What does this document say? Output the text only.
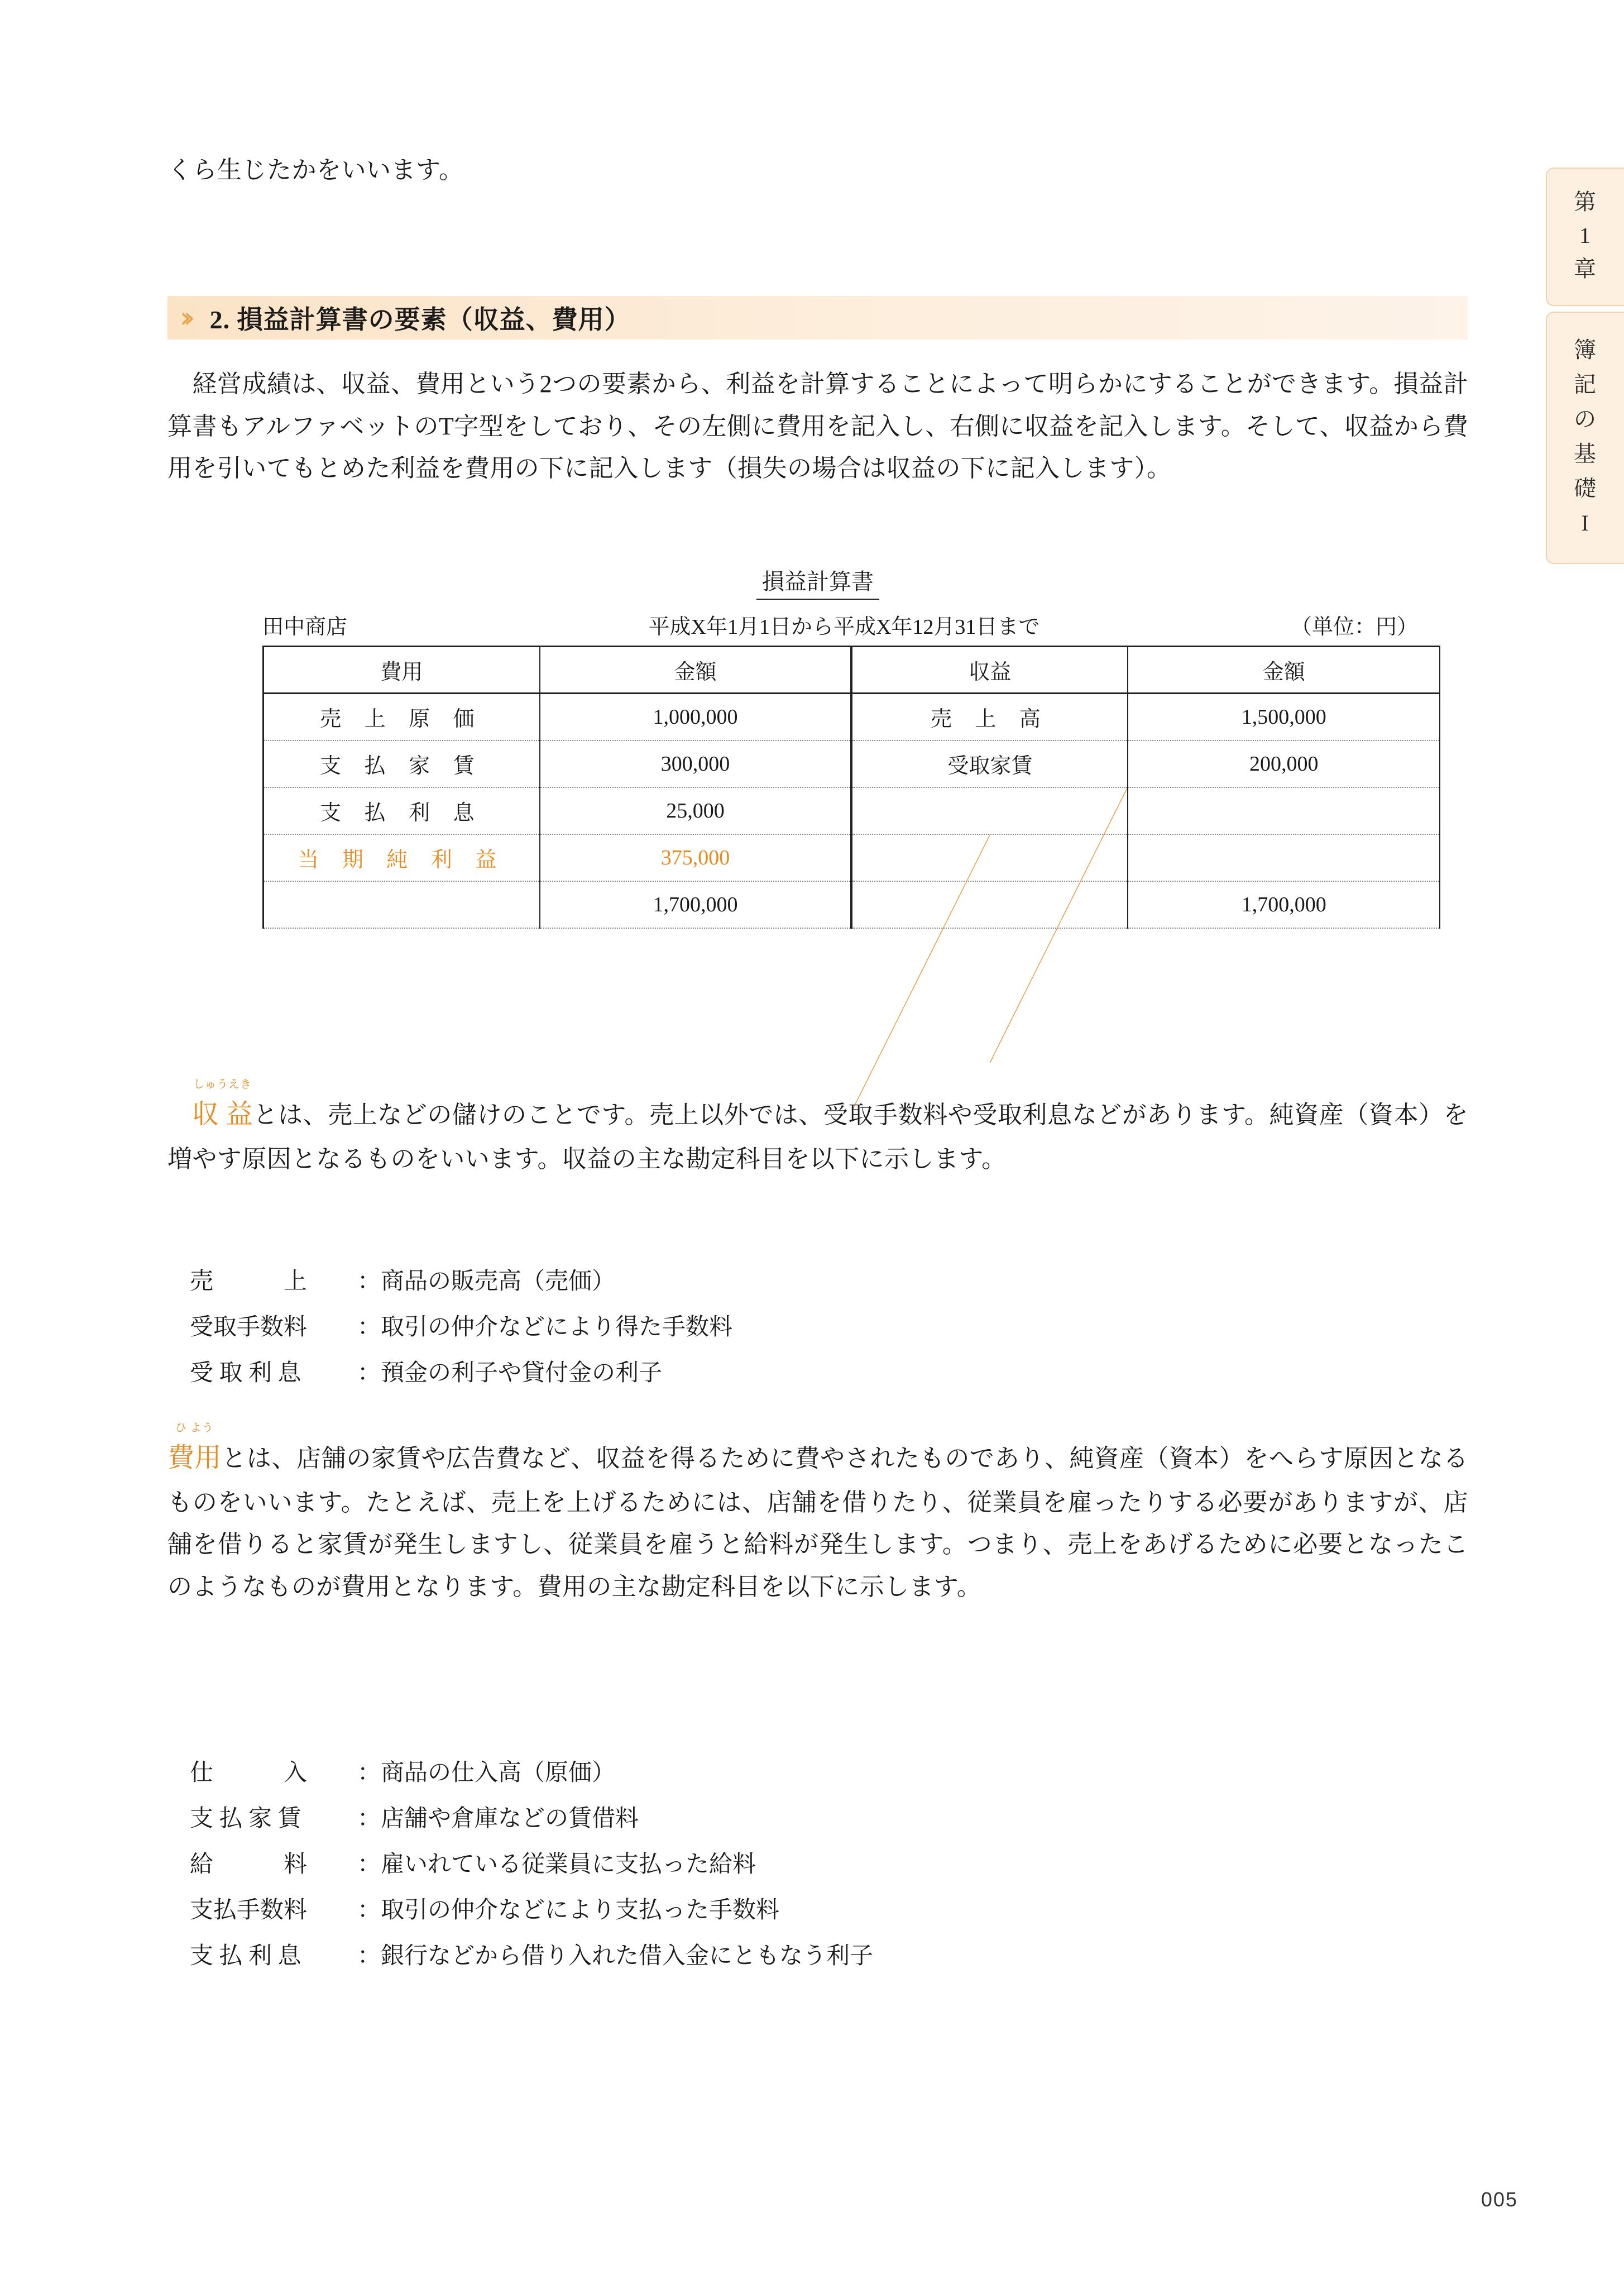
第
1
章
簿
記
の
基
礎
I
くら生じたかをいいます。
›› 2. 損益計算書の要素（収益、費用）
　経営成績は、収益、費用という2つの要素から、利益を計算することによって明らかにすることができます。損益計算書もアルファベットのT字型をしており、その左側に費用を記入し、右側に収益を記入します。そして、収益から費用を引いてもとめた利益を費用の下に記入します（損失の場合は収益の下に記入します）。
損益計算書
田中商店	平成X年1月1日から平成X年12月31日まで	（単位：円）
費用	金額	収益	金額
売 上 原 価	1,000,000	売 上 高	1,500,000
支 払 家 賃	300,000	受取家賃	200,000
支 払 利 息	25,000	

当 期 純 利 益	375,000	

	1,700,000		1,700,000
しゅうえき
収 益とは、売上などの儲けのことです。売上以外では、受取手数料や受取利息などがあります。純資産（資本）を増やす原因となるものをいいます。収益の主な勘定科目を以下に示します。
売　　　上 ：商品の販売高（売価）
受取手数料 ：取引の仲介などにより得た手数料
受 取 利 息 ：預金の利子や貸付金の利子
ひ よう
費用とは、店舗の家賃や広告費など、収益を得るために費やされたものであり、純資産（資本）をへらす原因となるものをいいます。たとえば、売上を上げるためには、店舗を借りたり、従業員を雇ったりする必要がありますが、店舗を借りると家賃が発生しますし、従業員を雇うと給料が発生します。つまり、売上をあげるために必要となったこのようなものが費用となります。費用の主な勘定科目を以下に示します。
仕　　　入 ：商品の仕入高（原価）
支 払 家 賃 ：店舗や倉庫などの賃借料
給　　　料 ：雇いれている従業員に支払った給料
支払手数料 ：取引の仲介などにより支払った手数料
支 払 利 息 ：銀行などから借り入れた借入金にともなう利子
005
